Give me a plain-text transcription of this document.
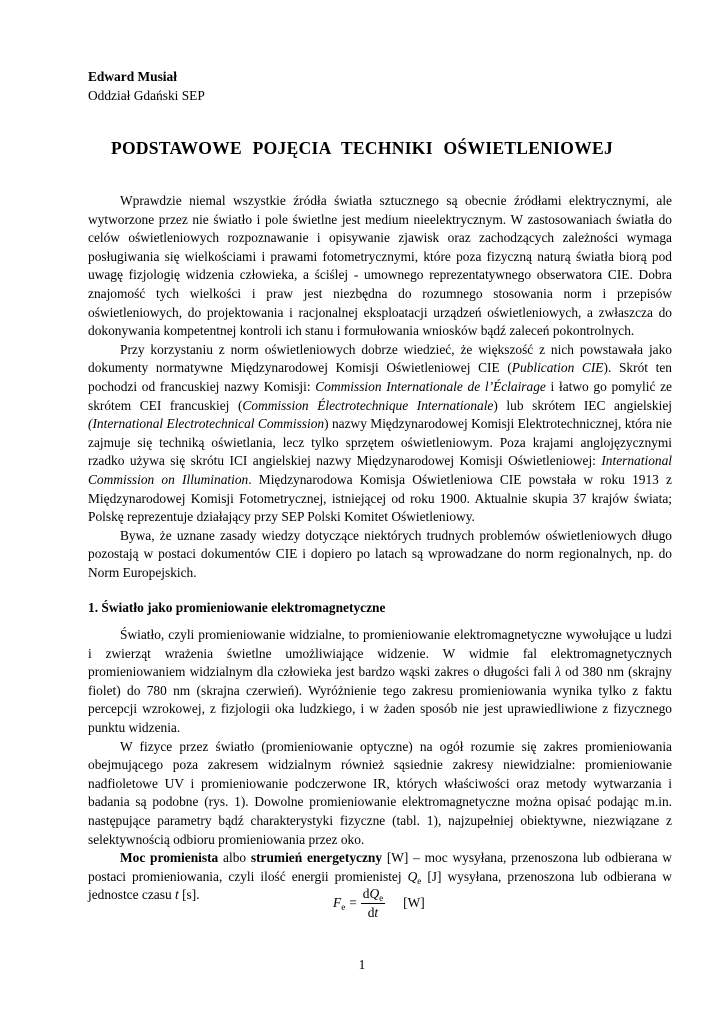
Edward Musiał
Oddział Gdański SEP
PODSTAWOWE POJĘCIA TECHNIKI OŚWIETLENIOWEJ

Wprawdzie niemal wszystkie źródła światła sztucznego są obecnie źródłami elektrycznymi, ale wytworzone przez nie światło i pole świetlne jest medium nieelektrycznym. W zastosowaniach światła do celów oświetleniowych rozpoznawanie i opisywanie zjawisk oraz zachodzących zależności wymaga posługiwania się wielkościami i prawami fotometrycznymi, które poza fizyczną naturą światła biorą pod uwagę fizjologię widzenia człowieka, a ściślej - umownego reprezentatywnego obserwatora CIE. Dobra znajomość tych wielkości i praw jest niezbędna do rozumnego stosowania norm i przepisów oświetleniowych, do projektowania i racjonalnej eksploatacji urządzeń oświetleniowych, a zwłaszcza do dokonywania kompetentnej kontroli ich stanu i formułowania wniosków bądź zaleceń pokontrolnych.

Przy korzystaniu z norm oświetleniowych dobrze wiedzieć, że większość z nich powstawała jako dokumenty normatywne Międzynarodowej Komisji Oświetleniowej CIE (Publication CIE). Skrót ten pochodzi od francuskiej nazwy Komisji: Commission Internationale de l’Éclairage i łatwo go pomylić ze skrótem CEI francuskiej (Commission Électrotechnique Internationale) lub skrótem IEC angielskiej (International Electrotechnical Commission) nazwy Międzynarodowej Komisji Elektrotechnicznej, która nie zajmuje się techniką oświetlania, lecz tylko sprzętem oświetleniowym. Poza krajami anglojęzycznymi rzadko używa się skrótu ICI angielskiej nazwy Międzynarodowej Komisji Oświetleniowej: International Commission on Illumination. Międzynarodowa Komisja Oświetleniowa CIE powstała w roku 1913 z Międzynarodowej Komisji Fotometrycznej, istniejącej od roku 1900. Aktualnie skupia 37 krajów świata; Polskę reprezentuje działający przy SEP Polski Komitet Oświetleniowy.

Bywa, że uznane zasady wiedzy dotyczące niektórych trudnych problemów oświetleniowych długo pozostają w postaci dokumentów CIE i dopiero po latach są wprowadzane do norm regionalnych, np. do Norm Europejskich.

1. Światło jako promieniowanie elektromagnetyczne

Światło, czyli promieniowanie widzialne, to promieniowanie elektromagnetyczne wywołujące u ludzi i zwierząt wrażenia świetlne umożliwiające widzenie. W widmie fal elektromagnetycznych promieniowaniem widzialnym dla człowieka jest bardzo wąski zakres o długości fali λ od 380 nm (skrajny fiolet) do 780 nm (skrajna czerwień). Wyróżnienie tego zakresu promieniowania wynika tylko z faktu percepcji wzrokowej, z fizjologii oka ludzkiego, i w żaden sposób nie jest uprawiedliwione z fizycznego punktu widzenia.

W fizyce przez światło (promieniowanie optyczne) na ogół rozumie się zakres promieniowania obejmującego poza zakresem widzialnym również sąsiednie zakresy niewidzialne: promieniowanie nadfioletowe UV i promieniowanie podczerwone IR, których właściwości oraz metody wytwarzania i badania są podobne (rys. 1). Dowolne promieniowanie elektromagnetyczne można opisać podając m.in. następujące parametry bądź charakterystyki fizyczne (tabl. 1), najzupełniej obiektywne, niezwiązane z selektywnością odbioru promieniowania przez oko.

Moc promienista albo strumień energetyczny [W] – moc wysyłana, przenoszona lub odbierana w postaci promieniowania, czyli ilość energii promienistej $Q_e$ [J] wysyłana, przenoszona lub odbierana w jednostce czasu t [s].

$F_e = \frac{dQ_e}{dt} [W]$
1
